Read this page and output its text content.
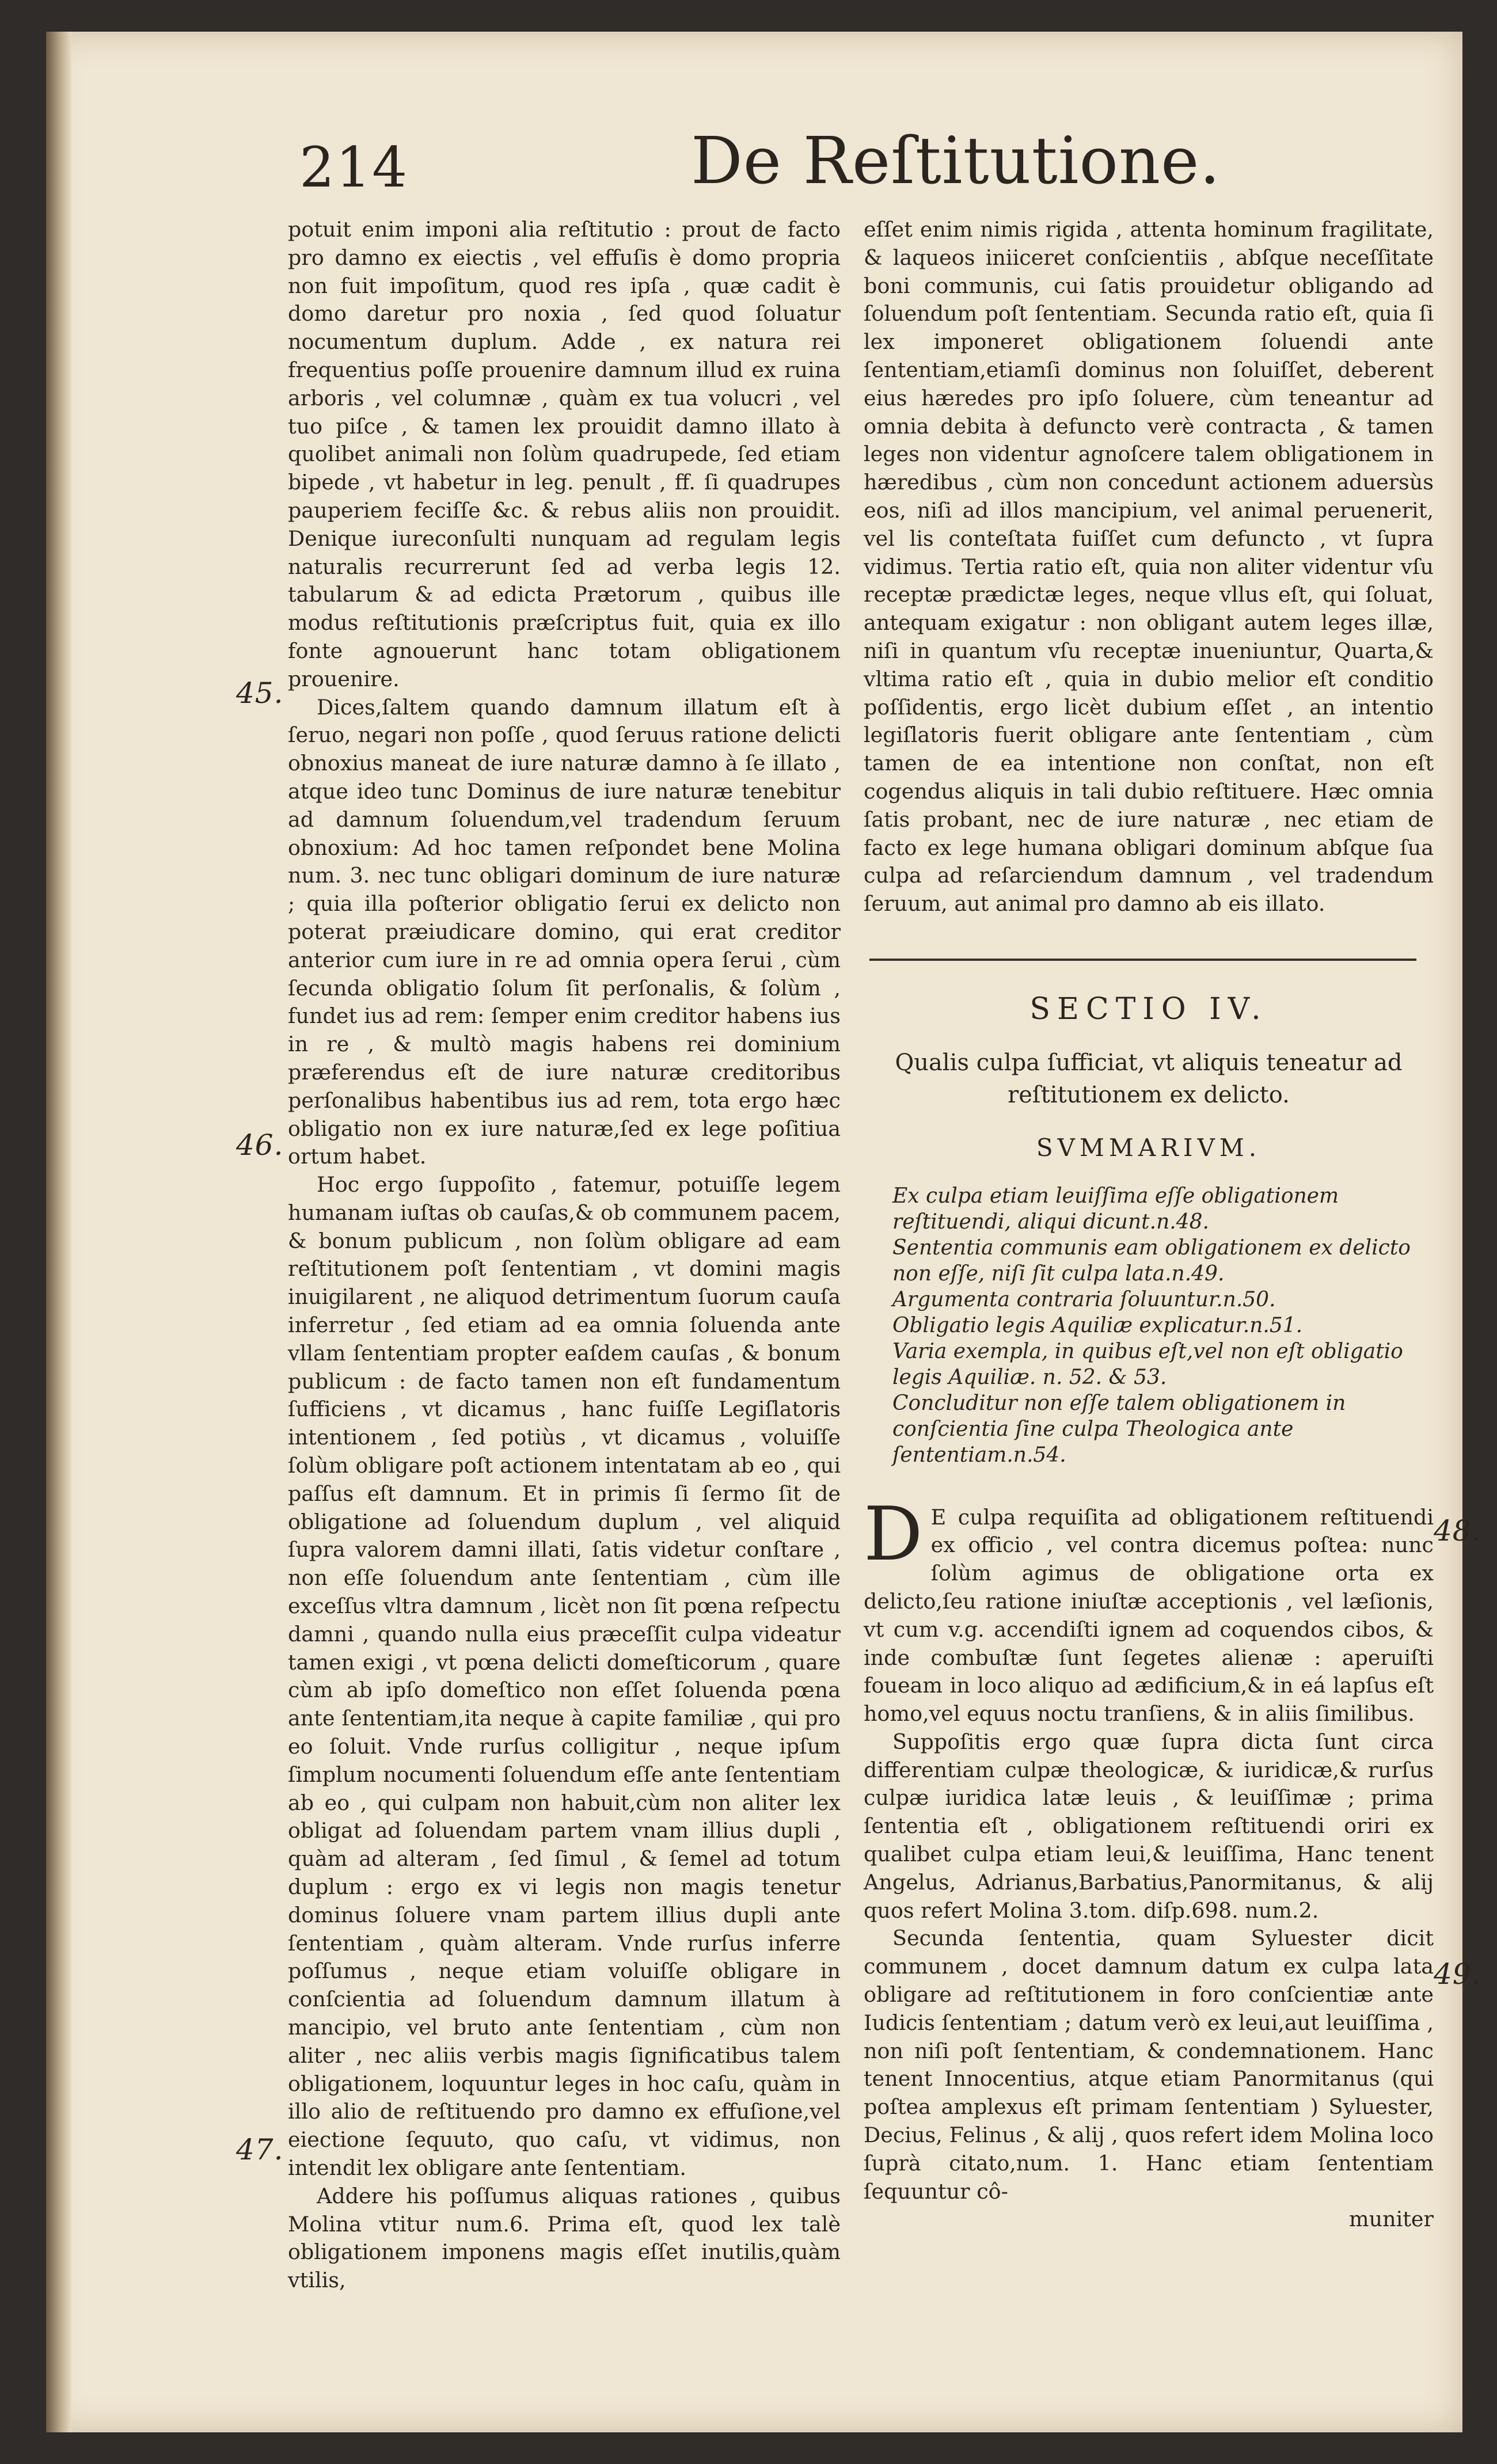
214	De Reſtitutione.

potuit enim imponi alia reſtitutio : prout de facto pro damno ex eiectis , vel effuſis è domo propria non fuit impoſitum, quod res ipſa , quæ cadit è domo daretur pro noxia , ſed quod ſoluatur nocumentum duplum. Adde , ex natura rei frequentius poſſe prouenire damnum illud ex ruina arboris , vel columnæ , quàm ex tua volucri , vel tuo piſce , & tamen lex prouidit damno illato à quolibet animali non ſolùm quadrupede, ſed etiam bipede , vt habetur in leg. penult , ff. ſi quadrupes pauperiem feciſſe &c. & rebus aliis non prouidit. Denique iureconſulti nunquam ad regulam legis naturalis recurrerunt ſed ad verba legis 12. tabularum & ad edicta Prætorum , quibus ille modus reſtitutionis præſcriptus fuit, quia ex illo fonte agnouerunt hanc totam obligationem prouenire.

Dices,ſaltem quando damnum illatum eſt à ſeruo, negari non poſſe , quod ſeruus ratione delicti obnoxius maneat de iure naturæ damno à ſe illato , atque ideo tunc Dominus de iure naturæ tenebitur ad damnum ſoluendum,vel tradendum ſeruum obnoxium: Ad hoc tamen reſpondet bene Molina num. 3. nec tunc obligari dominum de iure naturæ ; quia illa poſterior obligatio ſerui ex delicto non poterat præiudicare domino, qui erat creditor anterior cum iure in re ad omnia opera ſerui , cùm ſecunda obligatio ſolum ſit perſonalis, & ſolùm , fundet ius ad rem: ſemper enim creditor habens ius in re , & multò magis habens rei dominium præferendus eſt de iure naturæ creditoribus perſonalibus habentibus ius ad rem, tota ergo hæc obligatio non ex iure naturæ,ſed ex lege poſitiua ortum habet.

Hoc ergo ſuppoſito , fatemur, potuiſſe legem humanam iuſtas ob cauſas,& ob communem pacem, & bonum publicum , non ſolùm obligare ad eam reſtitutionem poſt ſententiam , vt domini magis inuigilarent , ne aliquod detrimentum ſuorum cauſa inferretur , ſed etiam ad ea omnia ſoluenda ante vllam ſententiam propter eaſdem cauſas , & bonum publicum : de facto tamen non eſt fundamentum ſufficiens , vt dicamus , hanc fuiſſe Legiſlatoris intentionem , ſed potiùs , vt dicamus , voluiſſe ſolùm obligare poſt actionem intentatam ab eo , qui paſſus eſt damnum. Et in primis ſi ſermo ſit de obligatione ad ſoluendum duplum , vel aliquid ſupra valorem damni illati, ſatis videtur conſtare , non eſſe ſoluendum ante ſententiam , cùm ille exceſſus vltra damnum , licèt non ſit pœna reſpectu damni , quando nulla eius præceſſit culpa videatur tamen exigi , vt pœna delicti domeſticorum , quare cùm ab ipſo domeſtico non eſſet ſoluenda pœna ante ſententiam,ita neque à capite familiæ , qui pro eo ſoluit. Vnde rurſus colligitur , neque ipſum ſimplum nocumenti ſoluendum eſſe ante ſententiam ab eo , qui culpam non habuit,cùm non aliter lex obligat ad ſoluendam partem vnam illius dupli , quàm ad alteram , ſed ſimul , & ſemel ad totum duplum : ergo ex vi legis non magis tenetur dominus ſoluere vnam partem illius dupli ante ſententiam , quàm alteram. Vnde rurſus inferre poſſumus , neque etiam voluiſſe obligare in conſcientia ad ſoluendum damnum illatum à mancipio, vel bruto ante ſententiam , cùm non aliter , nec aliis verbis magis ſignificatibus talem obligationem, loquuntur leges in hoc caſu, quàm in illo alio de reſtituendo pro damno ex effuſione,vel eiectione ſequuto, quo caſu, vt vidimus, non intendit lex obligare ante ſententiam.

Addere his poſſumus aliquas rationes , quibus Molina vtitur num.6. Prima eſt, quod lex talè obligationem imponens magis eſſet inutilis,quàm vtilis,

45.
46.
47.

eſſet enim nimis rigida , attenta hominum fragilitate, & laqueos iniiceret conſcientiis , abſque neceſſitate boni communis, cui ſatis prouidetur obligando ad ſoluendum poſt ſententiam. Secunda ratio eſt, quia ſi lex imponeret obligationem ſoluendi ante ſententiam,etiamſi dominus non ſoluiſſet, deberent eius hæredes pro ipſo ſoluere, cùm teneantur ad omnia debita à defuncto verè contracta , & tamen leges non videntur agnoſcere talem obligationem in hæredibus , cùm non concedunt actionem aduersùs eos, niſi ad illos mancipium, vel animal peruenerit, vel lis conteſtata fuiſſet cum defuncto , vt ſupra vidimus. Tertia ratio eſt, quia non aliter videntur vſu receptæ prædictæ leges, neque vllus eſt, qui ſoluat, antequam exigatur : non obligant autem leges illæ, niſi in quantum vſu receptæ inueniuntur, Quarta,& vltima ratio eſt , quia in dubio melior eſt conditio poſſidentis, ergo licèt dubium eſſet , an intentio legiſlatoris fuerit obligare ante ſententiam , cùm tamen de ea intentione non conſtat, non eſt cogendus aliquis in tali dubio reſtituere. Hæc omnia ſatis probant, nec de iure naturæ , nec etiam de facto ex lege humana obligari dominum abſque ſua culpa ad reſarciendum damnum , vel tradendum ſeruum, aut animal pro damno ab eis illato.

SECTIO IV.

Qualis culpa ſufficiat, vt aliquis teneatur ad reſtitutionem ex delicto.

SVMMARIVM.
Ex culpa etiam leuiſſima eſſe obligationem reſtituendi, aliqui dicunt.n.48.
Sententia communis eam obligationem ex delicto non eſſe, niſi ſit culpa lata.n.49.
Argumenta contraria ſoluuntur.n.50.
Obligatio legis Aquiliæ explicatur.n.51.
Varia exempla, in quibus eſt,vel non eſt obligatio legis Aquiliæ. n. 52. & 53.
Concluditur non eſſe talem obligationem in conſcientia ſine culpa Theologica ante ſententiam.n.54.
D E culpa requiſita ad obligationem reſtituendi ex officio , vel contra dicemus poſtea: nunc ſolùm agimus de obligatione orta ex delicto,ſeu ratione iniuſtæ acceptionis , vel læſionis, vt cum v.g. accendiſti ignem ad coquendos cibos, & inde combuſtæ ſunt ſegetes alienæ : aperuiſti foueam in loco aliquo ad ædificium,& in eá lapſus eſt homo,vel equus noctu tranſiens, & in aliis ſimilibus.

Suppoſitis ergo quæ ſupra dicta ſunt circa differentiam culpæ theologicæ, & iuridicæ,& rurſus culpæ iuridica latæ leuis , & leuiſſimæ ; prima ſententia eſt , obligationem reſtituendi oriri ex qualibet culpa etiam leui,& leuiſſima, Hanc tenent Angelus, Adrianus,Barbatius,Panormitanus, & alij quos refert Molina 3.tom. diſp.698. num.2.

Secunda ſententia, quam Syluester dicit communem , docet damnum datum ex culpa lata obligare ad reſtitutionem in foro conſcientiæ ante Iudicis ſententiam ; datum verò ex leui,aut leuiſſima , non niſi poſt ſententiam, & condemnationem. Hanc tenent Innocentius, atque etiam Panormitanus (qui poſtea amplexus eſt primam ſententiam ) Syluester, Decius, Felinus , & alij , quos refert idem Molina loco ſuprà citato,num. 1. Hanc etiam ſententiam ſequuntur cô-

muniter

48.
49.
